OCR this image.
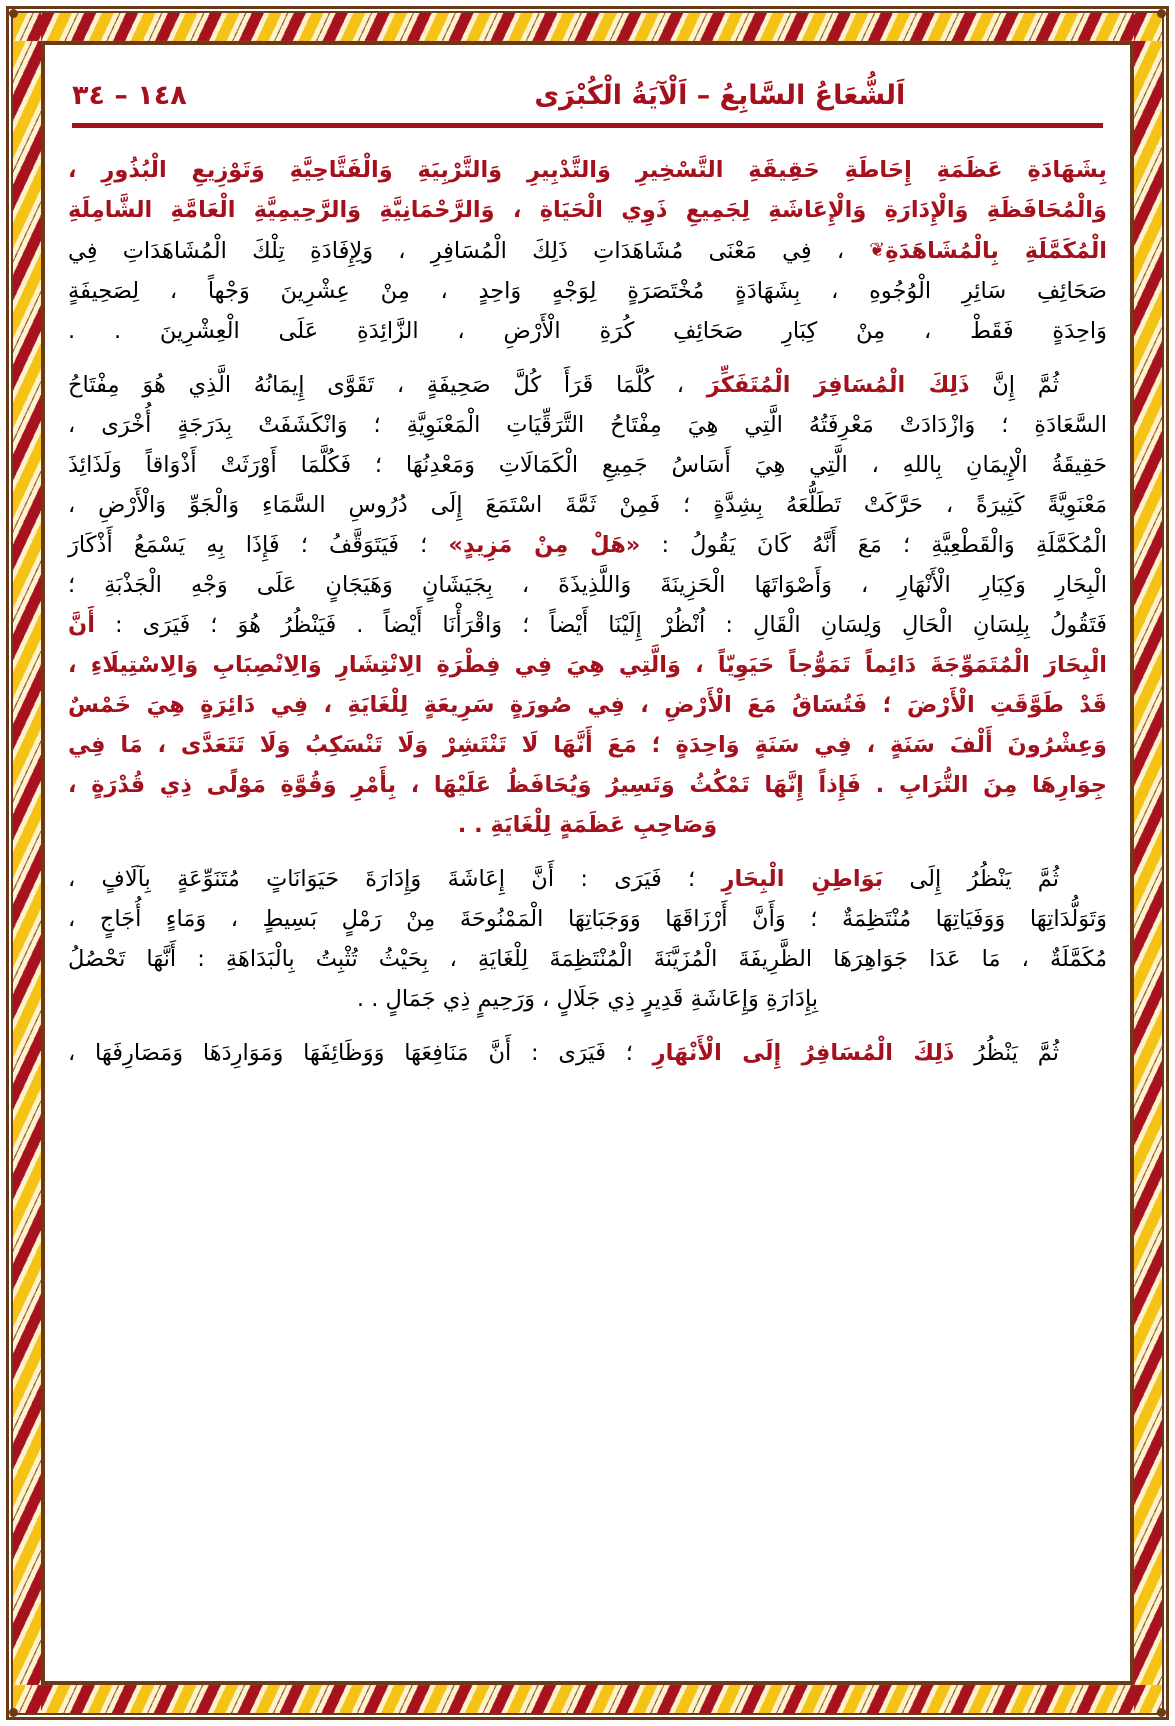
١٤٨ – ٣٤	اَلشُّعَاعُ السَّابِعُ – اَلْآيَةُ الْكُبْرَى
بِشَهَادَةِ عَظَمَةِ إِحَاطَةِ حَقِيقَةِ التَّسْخِيرِ وَالتَّدْبِيرِ وَالتَّرْبِيَةِ وَالْفَتَّاحِيَّةِ وَتَوْزِيعِ الْبُذُورِ ،
وَالْمُحَافَظَةِ وَالْإِدَارَةِ وَالْإِعَاشَةِ لِجَمِيعِ ذَوِي الْحَيَاةِ ، وَالرَّحْمَانِيَّةِ وَالرَّحِيمِيَّةِ الْعَامَّةِ الشَّامِلَةِ
الْمُكَمَّلَةِ بِالْمُشَاهَدَةِ❦ ، فِي مَعْنَى مُشَاهَدَاتِ ذَلِكَ الْمُسَافِرِ ، وَلِإِفَادَةِ تِلْكَ الْمُشَاهَدَاتِ فِي
صَحَائِفِ سَائِرِ الْوُجُوهِ ، بِشَهَادَةٍ مُخْتَصَرَةٍ لِوَجْهٍ وَاحِدٍ ، مِنْ عِشْرِينَ وَجْهاً ، لِصَحِيفَةٍ
وَاحِدَةٍ فَقَطْ ، مِنْ كِبَارِ صَحَائِفِ كُرَةِ الْأَرْضِ ، الزَّائِدَةِ عَلَى الْعِشْرِينَ . .
ثُمَّ إِنَّ ذَلِكَ الْمُسَافِرَ الْمُتَفَكِّرَ ، كُلَّمَا قَرَأَ كُلَّ صَحِيفَةٍ ، تَقَوَّى إِيمَانُهُ الَّذِي هُوَ مِفْتَاحُ
السَّعَادَةِ ؛ وَازْدَادَتْ مَعْرِفَتُهُ الَّتِي هِيَ مِفْتَاحُ التَّرَقِّيَاتِ الْمَعْنَوِيَّةِ ؛ وَانْكَشَفَتْ بِدَرَجَةٍ أُخْرَى ،
حَقِيقَةُ الْإِيمَانِ بِاللهِ ، الَّتِي هِيَ أَسَاسُ جَمِيعِ الْكَمَالَاتِ وَمَعْدِنُهَا ؛ فَكُلَّمَا أَوْرَثَتْ أَذْوَاقاً وَلَذَائِذَ
مَعْنَوِيَّةً كَثِيرَةً ، حَرَّكَتْ تَطَلُّعَهُ بِشِدَّةٍ ؛ فَمِنْ ثَمَّةَ اسْتَمَعَ إِلَى دُرُوسِ السَّمَاءِ وَالْجَوِّ وَالْأَرْضِ ،
الْمُكَمَّلَةِ وَالْقَطْعِيَّةِ ؛ مَعَ أَنَّهُ كَانَ يَقُولُ : «هَلْ مِنْ مَزِيدٍ» ؛ فَيَتَوَقَّفُ ؛ فَإِذَا بِهِ يَسْمَعُ أَذْكَارَ
الْبِحَارِ وَكِبَارِ الْأَنْهَارِ ، وَأَصْوَاتَهَا الْحَزِينَةَ وَاللَّذِيذَةَ ، بِجَيَشَانٍ وَهَيَجَانٍ عَلَى وَجْهِ الْجَذْبَةِ ؛
فَتَقُولُ بِلِسَانِ الْحَالِ وَلِسَانِ الْقَالِ : اُنْظُرْ إِلَيْنَا أَيْضاً ؛ وَاقْرَأْنَا أَيْضاً . فَيَنْظُرُ هُوَ ؛ فَيَرَى : أَنَّ
الْبِحَارَ الْمُتَمَوِّجَةَ دَائِماً تَمَوُّجاً حَيَوِيّاً ، وَالَّتِي هِيَ فِي فِطْرَةِ الِانْتِشَارِ وَالِانْصِبَابِ وَالِاسْتِيلَاءِ ،
قَدْ طَوَّقَتِ الْأَرْضَ ؛ فَتُسَاقُ مَعَ الْأَرْضِ ، فِي صُورَةٍ سَرِيعَةٍ لِلْغَايَةِ ، فِي دَائِرَةٍ هِيَ خَمْسٌ
وَعِشْرُونَ أَلْفَ سَنَةٍ ، فِي سَنَةٍ وَاحِدَةٍ ؛ مَعَ أَنَّهَا لَا تَنْتَشِرْ وَلَا تَنْسَكِبُ وَلَا تَتَعَدَّى ، مَا فِي
جِوَارِهَا مِنَ التُّرَابِ . فَإِذاً إِنَّهَا تَمْكُثُ وَتَسِيرُ وَيُحَافَظُ عَلَيْهَا ، بِأَمْرِ وَقُوَّةِ مَوْلًى ذِي قُدْرَةٍ ،
وَصَاحِبِ عَظَمَةٍ لِلْغَايَةِ . .
ثُمَّ يَنْظُرُ إِلَى بَوَاطِنِ الْبِحَارِ ؛ فَيَرَى : أَنَّ إِعَاشَةَ وَإِدَارَةَ حَيَوَانَاتٍ مُتَنَوِّعَةٍ بِآلَافٍ ،
وَتَوَلُّدَاتِهَا وَوَفَيَاتِهَا مُنْتَظِمَةٌ ؛ وَأَنَّ أَرْزَاقَهَا وَوَجَبَاتِهَا الْمَمْنُوحَةَ مِنْ رَمْلٍ بَسِيطٍ ، وَمَاءٍ أُجَاجٍ ،
مُكَمَّلَةٌ ، مَا عَدَا جَوَاهِرَهَا الظَّرِيفَةَ الْمُزَيَّنَةَ الْمُنْتَظِمَةَ لِلْغَايَةِ ، بِحَيْثُ تُثْبِتُ بِالْبَدَاهَةِ : أَنَّهَا تَحْصُلُ
بِإِدَارَةِ وَإِعَاشَةِ قَدِيرٍ ذِي جَلَالٍ ، وَرَحِيمٍ ذِي جَمَالٍ . .
ثُمَّ يَنْظُرُ ذَلِكَ الْمُسَافِرُ إِلَى الْأَنْهَارِ ؛ فَيَرَى : أَنَّ مَنَافِعَهَا وَوَظَائِفَهَا وَمَوَارِدَهَا وَمَصَارِفَهَا ،
